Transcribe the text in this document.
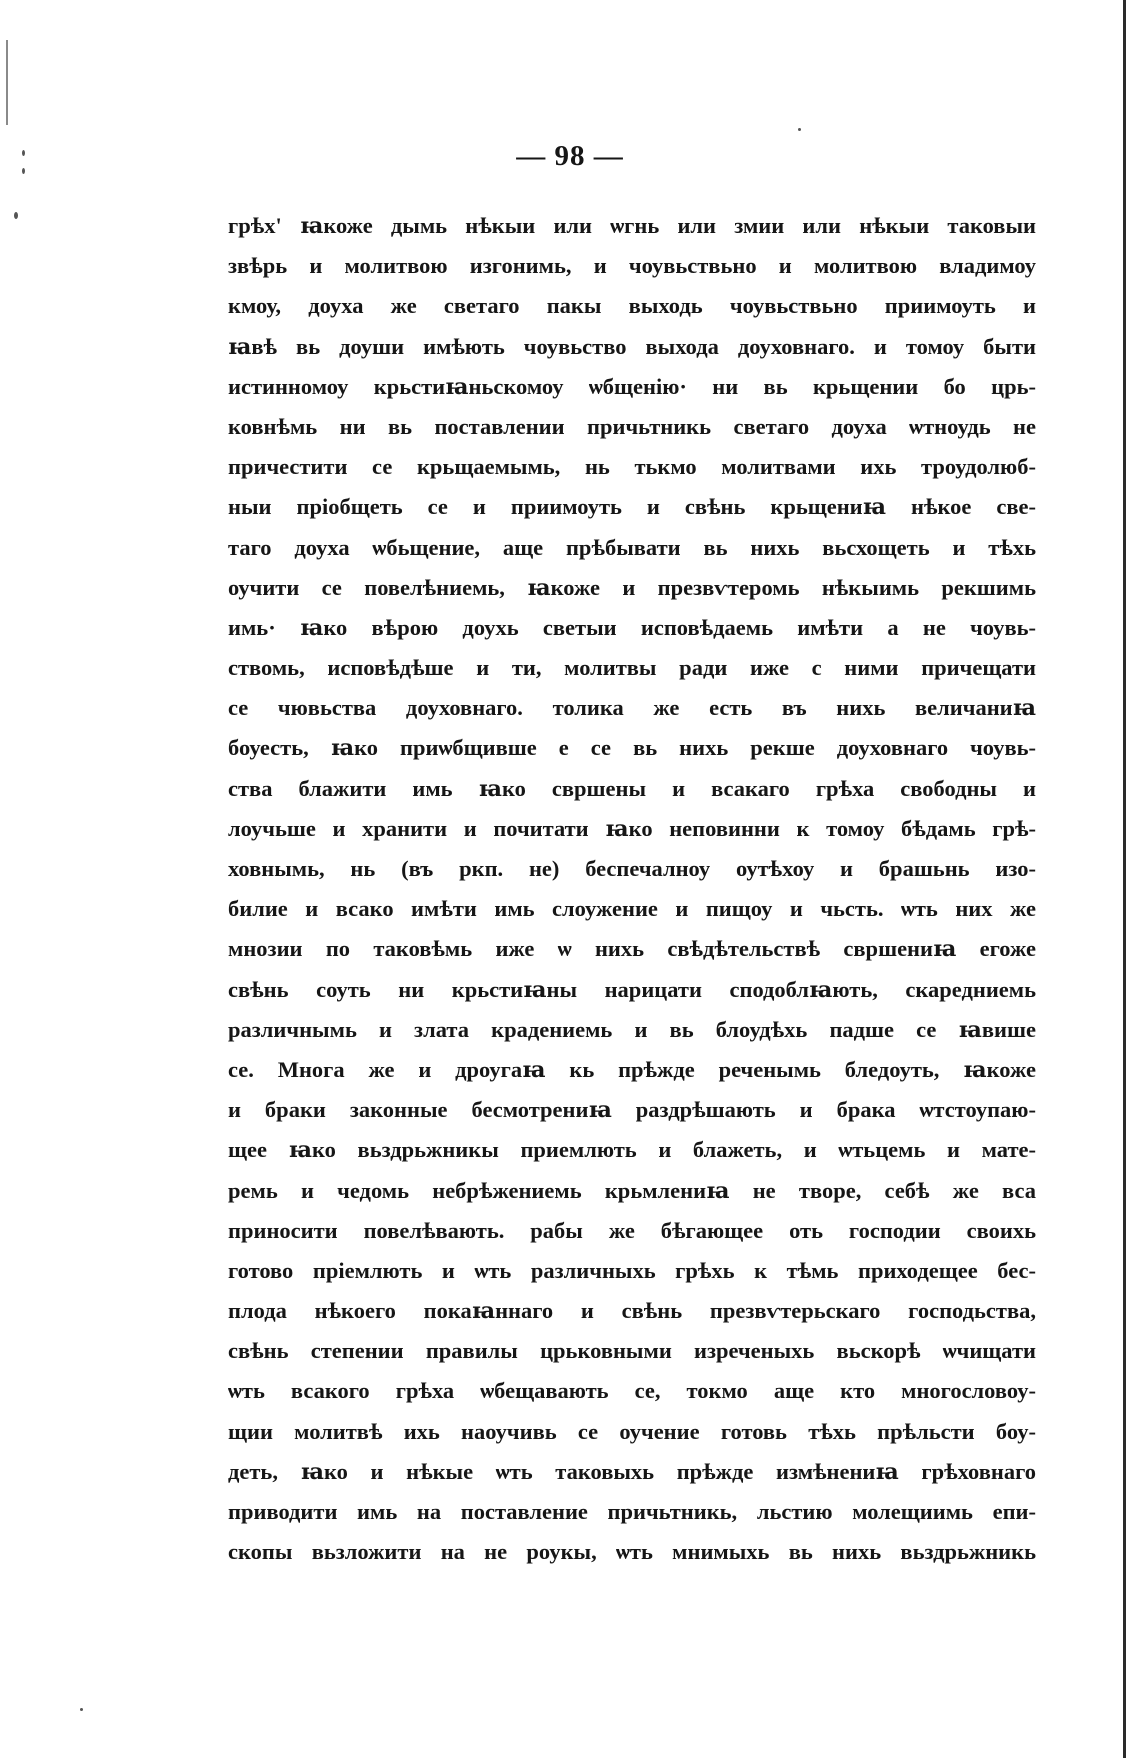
— 98 —
грѣх' ꙗкоже дымь нѣкыи или ѡгнь или змии или нѣкыи таковыи
звѣрь и молитвою изгонимь, и чоувьствьно и молитвою владимоу
кмоу, доуха же светаго пакы выходь чоувьствьно приимоуть и
ꙗвѣ вь доуши имѣють чоувьство выхода доуховнаго. и томоу быти
истинномоу крьстиꙗньскомоу ѡбщенiю· ни вь крьщении бо црь-
ковнѣмь ни вь поставлении причьтникь светаго доуха ѡтноудь не
причестити се крьщаемымь, нь тькмо молитвами ихь троудолюб-
ныи прiобщеть се и приимоуть и свѣнь крьщениꙗ нѣкое све-
таго доуха ѡбьщение, аще прѣбывати вь нихь вьсхощеть и тѣхь
оучити се повелѣниемь, ꙗкоже и презвѵтеромь нѣкыимь рекшимь
имь· ꙗко вѣрою доухь светыи исповѣдаемь имѣти а не чоувь-
ствомь, исповѣдѣше и ти, молитвы ради иже с ними причещати
се чювьства доуховнаго. толика же есть въ нихь величаниꙗ
боуесть, ꙗко приѡбщивше е се вь нихь рекше доуховнаго чоувь-
ства блажити имь ꙗко свршены и всакаго грѣха свободны и
лоучьше и хранити и почитати ꙗко неповинни к томоу бѣдамь грѣ-
ховнымь, нь (въ ркп. не) беспечалноу оутѣхоу и брашьнь изо-
билие и всако имѣти имь слоужение и пищоу и чьсть. ѡть них же
мнозии по таковѣмь иже ѡ нихь свѣдѣтельствѣ свршениꙗ егоже
свѣнь соуть ни крьстиꙗны нарицати сподоблꙗють, скаредниемь
различнымь и злата крадениемь и вь блоудѣхь падше се ꙗвише
се. Многа же и дроугаꙗ кь прѣжде реченымь бледоуть, ꙗкоже
и браки законные бесмотрениꙗ раздрѣшають и брака ѡтстоупаю-
щее ꙗко вьздрьжникы приемлють и блажеть, и ѡтьцемь и мате-
ремь и чедомь небрѣжениемь крьмлениꙗ не творе, себѣ же вса
приносити повелѣвають. рабы же бѣгающее оть господии своихь
готово прiемлють и ѡть различныхь грѣхь к тѣмь приходещее бес-
плода нѣкоего покаꙗннаго и свѣнь презвѵтерьскаго господьства,
свѣнь степении правилы црьковными изреченыхь вьскорѣ ѡчищати
ѡть всакого грѣха ѡбещавають се, токмо аще кто многословоу-
щии молитвѣ ихь наоучивь се оучение готовь тѣхь прѣльсти боу-
деть, ꙗко и нѣкые ѡть таковыхь прѣжде измѣнениꙗ грѣховнаго
приводити имь на поставление причьтникь, льстию молещиимь епи-
скопы вьзложити на не роукы, ѡть мнимыхь вь нихь вьздрьжникь
